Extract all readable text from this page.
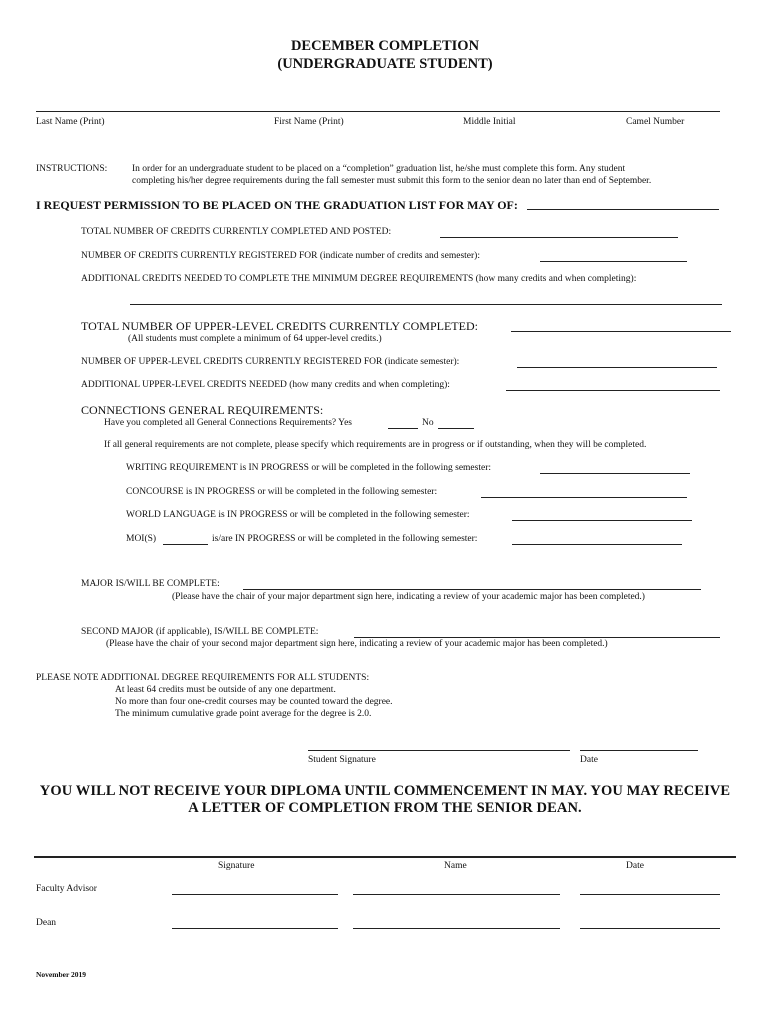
DECEMBER COMPLETION
(UNDERGRADUATE STUDENT)
Last Name (Print)	First Name (Print)	Middle Initial	Camel Number
INSTRUCTIONS:	In order for an undergraduate student to be placed on a “completion” graduation list, he/she must complete this form. Any student
completing his/her degree requirements during the fall semester must submit this form to the senior dean no later than end of September.
I REQUEST PERMISSION TO BE PLACED ON THE GRADUATION LIST FOR MAY OF:
TOTAL NUMBER OF CREDITS CURRENTLY COMPLETED AND POSTED:
NUMBER OF CREDITS CURRENTLY REGISTERED FOR (indicate number of credits and semester):
ADDITIONAL CREDITS NEEDED TO COMPLETE THE MINIMUM DEGREE REQUIREMENTS (how many credits and when completing):
TOTAL NUMBER OF UPPER-LEVEL CREDITS CURRENTLY COMPLETED:
(All students must complete a minimum of 64 upper-level credits.)
NUMBER OF UPPER-LEVEL CREDITS CURRENTLY REGISTERED FOR (indicate semester):
ADDITIONAL UPPER-LEVEL CREDITS NEEDED (how many credits and when completing):
CONNECTIONS GENERAL REQUIREMENTS:
Have you completed all General Connections Requirements? Yes	No
If all general requirements are not complete, please specify which requirements are in progress or if outstanding, when they will be completed.
WRITING REQUIREMENT is IN PROGRESS or will be completed in the following semester:
CONCOURSE is IN PROGRESS or will be completed in the following semester:
WORLD LANGUAGE is IN PROGRESS or will be completed in the following semester:
MOI(S)	is/are IN PROGRESS or will be completed in the following semester:
MAJOR IS/WILL BE COMPLETE:
(Please have the chair of your major department sign here, indicating a review of your academic major has been completed.)
SECOND MAJOR (if applicable), IS/WILL BE COMPLETE:
(Please have the chair of your second major department sign here, indicating a review of your academic major has been completed.)
PLEASE NOTE ADDITIONAL DEGREE REQUIREMENTS FOR ALL STUDENTS:
At least 64 credits must be outside of any one department.
No more than four one-credit courses may be counted toward the degree.
The minimum cumulative grade point average for the degree is 2.0.
Student Signature	Date
YOU WILL NOT RECEIVE YOUR DIPLOMA UNTIL COMMENCEMENT IN MAY. YOU MAY RECEIVE
A LETTER OF COMPLETION FROM THE SENIOR DEAN.
Signature	Name	Date
Faculty Advisor
Dean
November 2019
